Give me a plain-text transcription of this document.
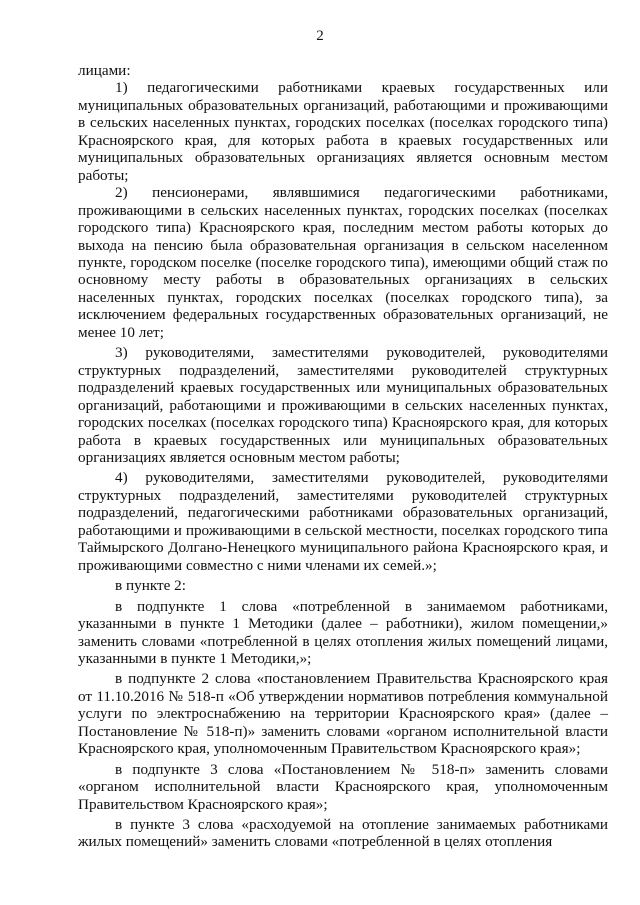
2

лицами:

1) педагогическими работниками краевых государственных или муниципальных образовательных организаций, работающими и проживающими в сельских населенных пунктах, городских поселках (поселках городского типа) Красноярского края, для которых работа в краевых государственных или муниципальных образовательных организациях является основным местом работы;

2) пенсионерами, являвшимися педагогическими работниками, проживающими в сельских населенных пунктах, городских поселках (поселках городского типа) Красноярского края, последним местом работы которых до выхода на пенсию была образовательная организация в сельском населенном пункте, городском поселке (поселке городского типа), имеющими общий стаж по основному месту работы в образовательных организациях в сельских населенных пунктах, городских поселках (поселках городского типа), за исключением федеральных государственных образовательных организаций, не менее 10 лет;

3) руководителями, заместителями руководителей, руководителями структурных подразделений, заместителями руководителей структурных подразделений краевых государственных или муниципальных образовательных организаций, работающими и проживающими в сельских населенных пунктах, городских поселках (поселках городского типа) Красноярского края, для которых работа в краевых государственных или муниципальных образовательных организациях является основным местом работы;

4) руководителями, заместителями руководителей, руководителями структурных подразделений, заместителями руководителей структурных подразделений, педагогическими работниками образовательных организаций, работающими и проживающими в сельской местности, поселках городского типа Таймырского Долгано-Ненецкого муниципального района Красноярского края, и проживающими совместно с ними членами их семей.»;

в пункте 2:

в подпункте 1 слова «потребленной в занимаемом работниками, указанными в пункте 1 Методики (далее – работники), жилом помещении,» заменить словами «потребленной в целях отопления жилых помещений лицами, указанными в пункте 1 Методики,»;

в подпункте 2 слова «постановлением Правительства Красноярского края от 11.10.2016 № 518-п «Об утверждении нормативов потребления коммунальной услуги по электроснабжению на территории Красноярского края» (далее – Постановление № 518-п)» заменить словами «органом исполнительной власти Красноярского края, уполномоченным Правительством Красноярского края»;

в подпункте 3 слова «Постановлением № 518-п» заменить словами «органом исполнительной власти Красноярского края, уполномоченным Правительством Красноярского края»;

в пункте 3 слова «расходуемой на отопление занимаемых работниками жилых помещений» заменить словами «потребленной в целях отопления
